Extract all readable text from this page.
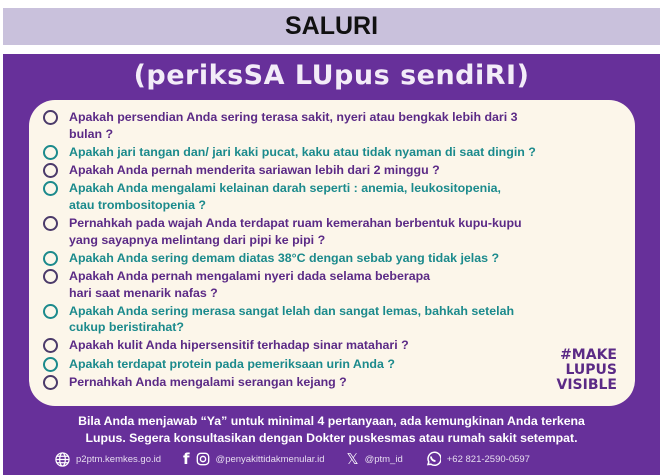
SALURI
(periksSA LUpus sendiRI)
Apakah persendian Anda sering terasa sakit, nyeri atau bengkak lebih dari 3
bulan ?
Apakah jari tangan dan/ jari kaki pucat, kaku atau tidak nyaman di saat dingin ?
Apakah Anda pernah menderita sariawan lebih dari 2 minggu ?
Apakah Anda mengalami kelainan darah seperti : anemia, leukositopenia,
atau trombositopenia ?
Pernahkah pada wajah Anda terdapat ruam kemerahan berbentuk kupu-kupu
yang sayapnya melintang dari pipi ke pipi ?
Apakah Anda sering demam diatas 38°C dengan sebab yang tidak jelas ?
Apakah Anda pernah mengalami nyeri dada selama beberapa
hari saat menarik nafas ?
Apakah Anda sering merasa sangat lelah dan sangat lemas, bahkah setelah
cukup beristirahat?
Apakah kulit Anda hipersensitif terhadap sinar matahari ?
Apakah terdapat protein pada pemeriksaan urin Anda ?
Pernahkah Anda mengalami serangan kejang ?
#MAKE
LUPUS
VISIBLE
Bila Anda menjawab “Ya” untuk minimal 4 pertanyaan, ada kemungkinan Anda terkena
Lupus. Segera konsultasikan dengan Dokter puskesmas atau rumah sakit setempat.
p2ptm.kemkes.go.id f	@penyakittidakmenular.id 𝕏 @ptm_id	+62 821-2590-0597
